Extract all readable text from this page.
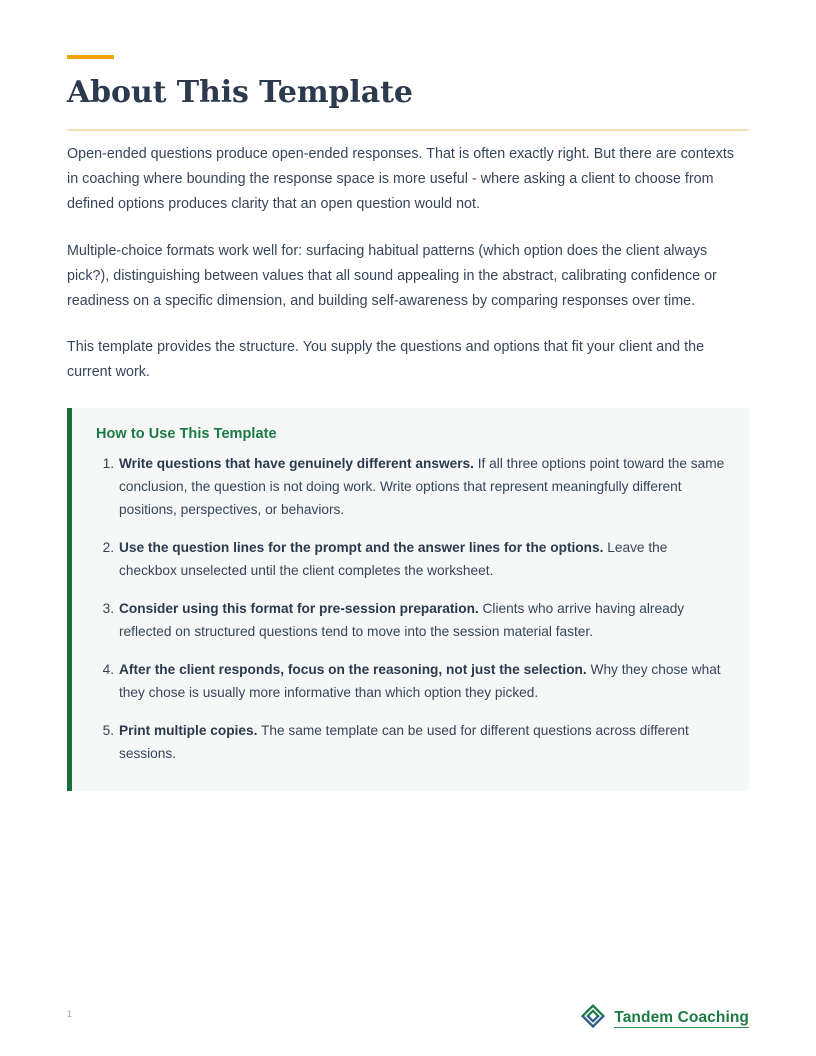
About This Template

Open-ended questions produce open-ended responses. That is often exactly right. But there are contexts in coaching where bounding the response space is more useful - where asking a client to choose from defined options produces clarity that an open question would not.

Multiple-choice formats work well for: surfacing habitual patterns (which option does the client always pick?), distinguishing between values that all sound appealing in the abstract, calibrating confidence or readiness on a specific dimension, and building self-awareness by comparing responses over time.

This template provides the structure. You supply the questions and options that fit your client and the current work.

How to Use This Template
Write questions that have genuinely different answers. If all three options point toward the same conclusion, the question is not doing work. Write options that represent meaningfully different positions, perspectives, or behaviors.
Use the question lines for the prompt and the answer lines for the options. Leave the checkbox unselected until the client completes the worksheet.
Consider using this format for pre-session preparation. Clients who arrive having already reflected on structured questions tend to move into the session material faster.
After the client responds, focus on the reasoning, not just the selection. Why they chose what they chose is usually more informative than which option they picked.
Print multiple copies. The same template can be used for different questions across different sessions.
1	Tandem Coaching
